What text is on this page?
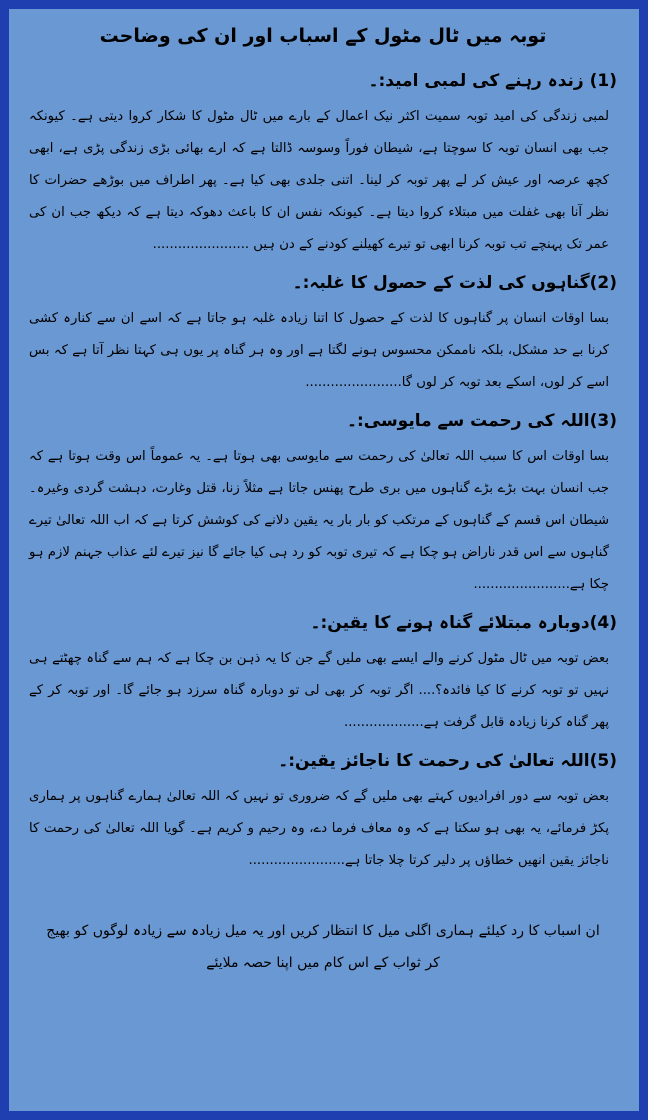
توبہ میں ٹال مٹول کے اسباب اور ان کی وضاحت
(1) زندہ رہنے کی لمبی امید:۔
لمبی زندگی کی امید توبہ سمیت اکثر نیک اعمال کے بارے میں ٹال مٹول کا شکار کروا دیتی ہے۔ کیونکہ جب بھی انسان توبہ کا سوچتا ہے، شیطان فوراً وسوسہ ڈالتا ہے کہ ارے بھائی بڑی زندگی پڑی ہے، ابھی کچھ عرصہ اور عیش کر لے پھر توبہ کر لینا۔ اتنی جلدی بھی کیا ہے۔ پھر اطراف میں بوڑھے حضرات کا نظر آنا بھی غفلت میں مبتلاء کروا دیتا ہے۔ کیونکہ نفس ان کا باعث دھوکہ دیتا ہے کہ دیکھ جب ان کی عمر تک پہنچے تب توبہ کرنا ابھی تو تیرے کھیلنے کودنے کے دن ہیں .......................
(2)گناہوں کی لذت کے حصول کا غلبہ:۔
بسا اوقات انسان پر گناہوں کا لذت کے حصول کا اتنا زیادہ غلبہ ہو جاتا ہے کہ اسے ان سے کنارہ کشی کرنا بے حد مشکل، بلکہ ناممکن محسوس ہونے لگتا ہے اور وہ ہر گناہ پر یوں ہی کہتا نظر آتا ہے کہ بس اسے کر لوں، اسکے بعد توبہ کر لوں گا.......................
(3)اللہ کی رحمت سے مایوسی:۔
بسا اوقات اس کا سبب اللہ تعالیٰ کی رحمت سے مایوسی بھی ہوتا ہے۔ یہ عموماً اس وقت ہوتا ہے کہ جب انسان بہت بڑے بڑے گناہوں میں بری طرح پھنس جاتا ہے مثلاً زنا، قتل وغارت، دہشت گردی وغیرہ۔ شیطان اس قسم کے گناہوں کے مرتکب کو بار بار یہ یقین دلانے کی کوشش کرتا ہے کہ اب اللہ تعالیٰ تیرے گناہوں سے اس قدر ناراض ہو چکا ہے کہ تیری توبہ کو رد ہی کیا جائے گا نیز تیرے لئے عذاب جہنم لازم ہو چکا ہے.......................
(4)دوبارہ مبتلائے گناہ ہونے کا یقین:۔
بعض توبہ میں ٹال مٹول کرنے والے ایسے بھی ملیں گے جن کا یہ ذہن بن چکا ہے کہ ہم سے گناہ چھٹتے ہی نہیں تو توبہ کرنے کا کیا فائدہ؟.... اگر توبہ کر بھی لی تو دوبارہ گناہ سرزد ہو جائے گا۔ اور توبہ کر کے پھر گناہ کرنا زیادہ قابل گرفت ہے...................
(5)اللہ تعالیٰ کی رحمت کا ناجائز یقین:۔
بعض توبہ سے دور افرادیوں کہتے بھی ملیں گے کہ ضروری تو نہیں کہ اللہ تعالیٰ ہمارے گناہوں پر ہماری پکڑ فرمائے، یہ بھی ہو سکتا ہے کہ وہ معاف فرما دے، وہ رحیم و کریم ہے۔ گویا اللہ تعالیٰ کی رحمت کا ناجائز یقین انھیں خطاؤں پر دلیر کرتا چلا جاتا ہے.......................
ان اسباب کا رد کیلئے ہماری اگلی میل کا انتظار کریں اور یہ میل زیادہ سے زیادہ لوگوں کو بھیج کر ثواب کے اس کام میں اپنا حصہ ملایئے
